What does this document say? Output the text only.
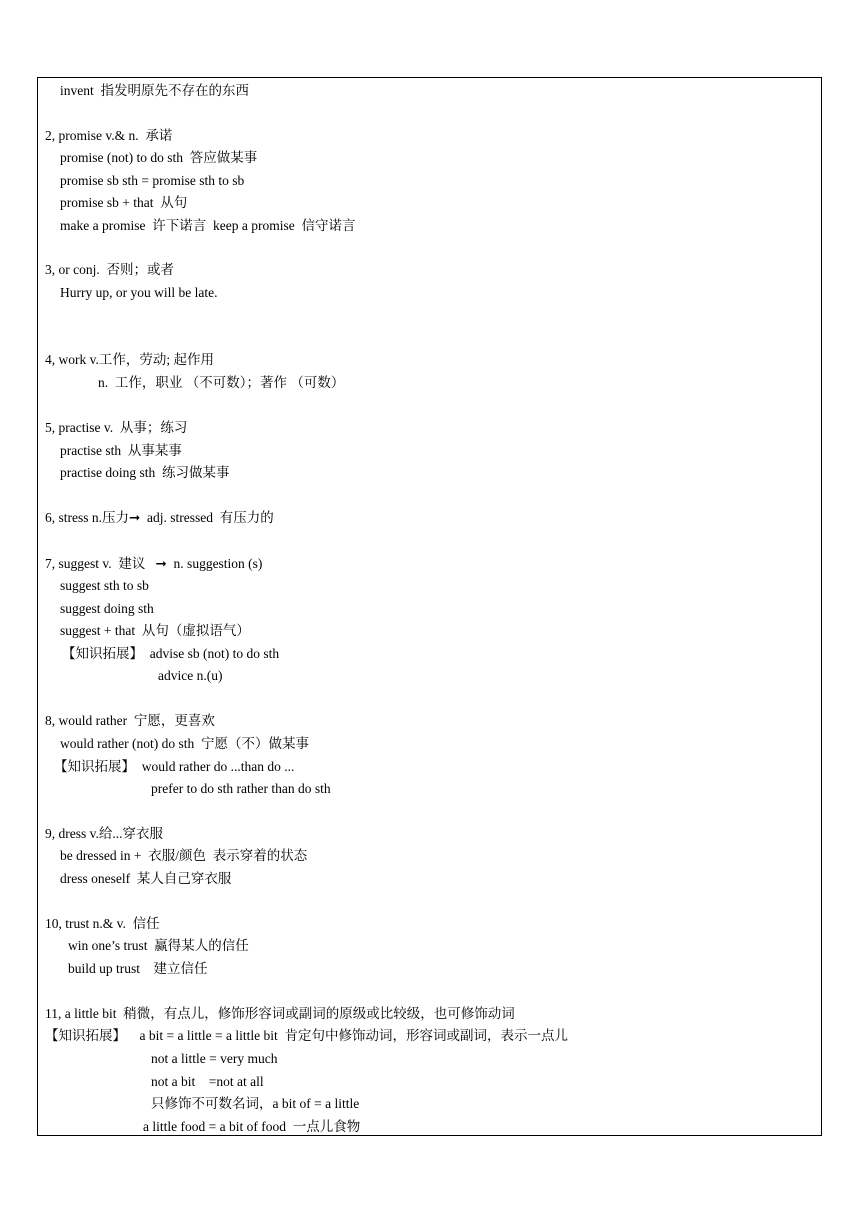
invent  指发明原先不存在的东西
2, promise v.& n.  承诺
promise (not) to do sth  答应做某事
promise sb sth = promise sth to sb
promise sb + that  从句
make a promise  许下诺言  keep a promise  信守诺言
3, or conj.  否则；或者
Hurry up, or you will be late.
4, work v.工作，劳动; 起作用
n.  工作，职业 （不可数）；著作 （可数）
5, practise v.  从事；练习
practise sth  从事某事
practise doing sth  练习做某事
6, stress n.压力➞  adj. stressed  有压力的
7, suggest v.  建议   ➞  n. suggestion (s)
suggest sth to sb
suggest doing sth
suggest + that  从句（虚拟语气）
【知识拓展】  advise sb (not) to do sth
advice n.(u)
8, would rather  宁愿，更喜欢
would rather (not) do sth  宁愿（不）做某事
【知识拓展】  would rather do ...than do ...
prefer to do sth rather than do sth
9, dress v.给...穿衣服
be dressed in +  衣服/颜色  表示穿着的状态
dress oneself  某人自己穿衣服
10, trust n.& v.  信任
win one’s trust  赢得某人的信任
build up trust    建立信任
11, a little bit  稍微，有点儿，修饰形容词或副词的原级或比较级，也可修饰动词
【知识拓展】    a bit = a little = a little bit  肯定句中修饰动词，形容词或副词，表示一点儿
not a little = very much
not a bit    =not at all
只修饰不可数名词，a bit of = a little
a little food = a bit of food  一点儿食物
